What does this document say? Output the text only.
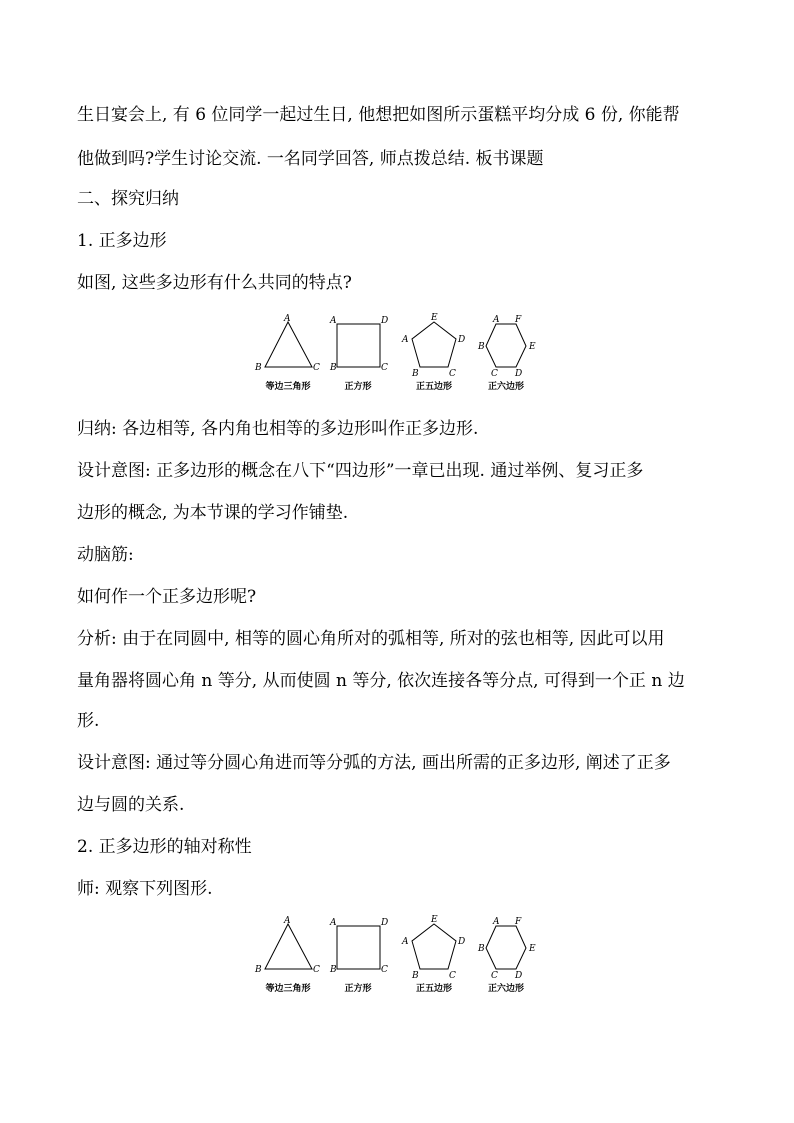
生日宴会上, 有 6 位同学一起过生日, 他想把如图所示蛋糕平均分成 6 份, 你能帮
他做到吗?学生讨论交流. 一名同学回答, 师点拨总结. 板书课题
二、探究归纳
1. 正多边形
如图, 这些多边形有什么共同的特点?
A
B	C
A	D
B	C
E
A	D
B	C
A F
B	E
C D
等边三角形	正方形	正五边形	正六边形
归纳: 各边相等, 各内角也相等的多边形叫作正多边形.
设计意图: 正多边形的概念在八下“四边形”一章已出现. 通过举例、复习正多
边形的概念, 为本节课的学习作铺垫.
动脑筋:
如何作一个正多边形呢?
分析: 由于在同圆中, 相等的圆心角所对的弧相等, 所对的弦也相等, 因此可以用
量角器将圆心角 n 等分, 从而使圆 n 等分, 依次连接各等分点, 可得到一个正 n 边
形.
设计意图: 通过等分圆心角进而等分弧的方法, 画出所需的正多边形, 阐述了正多
边与圆的关系.
2. 正多边形的轴对称性
师: 观察下列图形.
A
B	C
A	D
B	C
E
A	D
B	C
A F
B	E
C D
等边三角形	正方形	正五边形	正六边形
